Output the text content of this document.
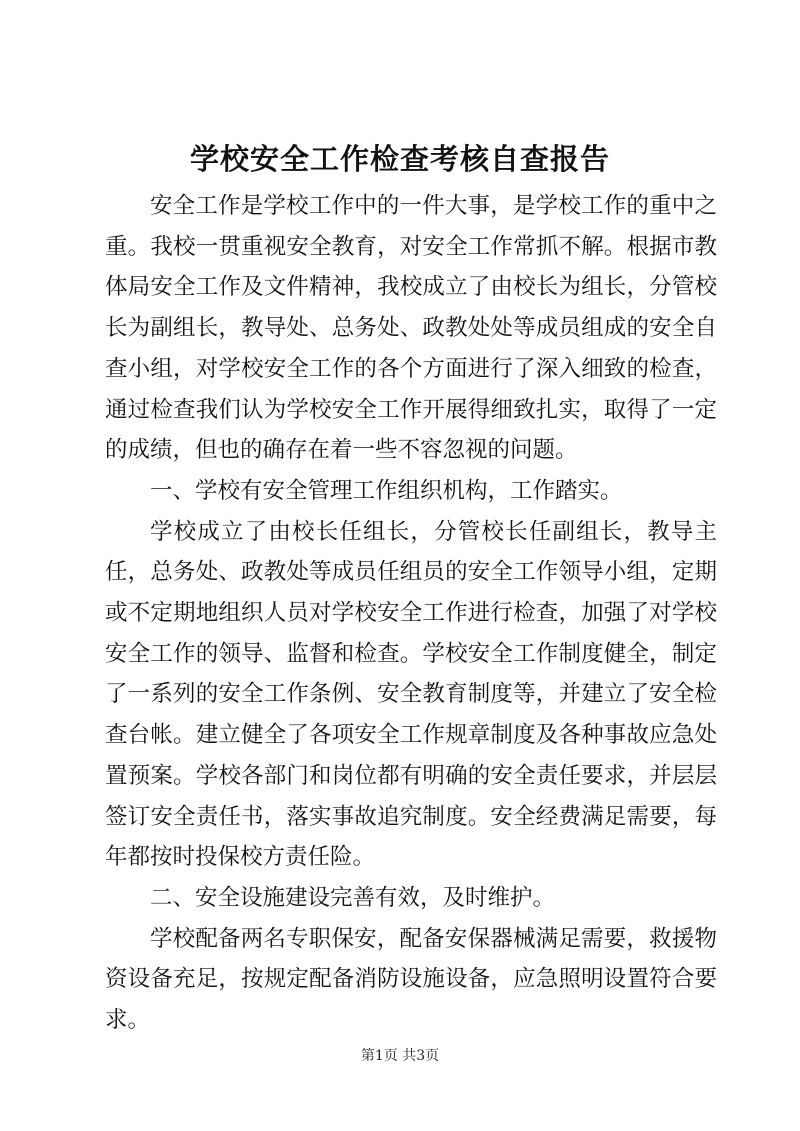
学校安全工作检查考核自查报告

安全工作是学校工作中的一件大事，是学校工作的重中之重。我校一贯重视安全教育，对安全工作常抓不解。根据市教体局安全工作及文件精神，我校成立了由校长为组长，分管校长为副组长，教导处、总务处、政教处处等成员组成的安全自查小组，对学校安全工作的各个方面进行了深入细致的检查，通过检查我们认为学校安全工作开展得细致扎实，取得了一定的成绩，但也的确存在着一些不容忽视的问题。

一、学校有安全管理工作组织机构，工作踏实。

学校成立了由校长任组长，分管校长任副组长，教导主任，总务处、政教处等成员任组员的安全工作领导小组，定期或不定期地组织人员对学校安全工作进行检查，加强了对学校安全工作的领导、监督和检查。学校安全工作制度健全，制定了一系列的安全工作条例、安全教育制度等，并建立了安全检查台帐。建立健全了各项安全工作规章制度及各种事故应急处置预案。学校各部门和岗位都有明确的安全责任要求，并层层签订安全责任书，落实事故追究制度。安全经费满足需要，每年都按时投保校方责任险。

二、安全设施建设完善有效，及时维护。

学校配备两名专职保安，配备安保器械满足需要，救援物资设备充足，按规定配备消防设施设备，应急照明设置符合要求。

第1页 共3页
